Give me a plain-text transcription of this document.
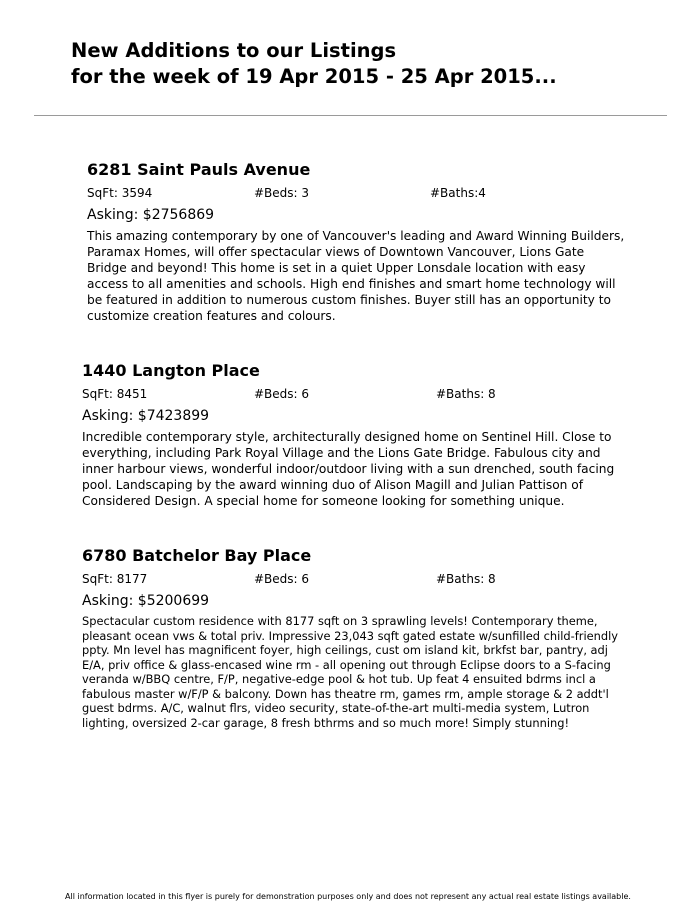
New Additions to our Listings
for the week of 19 Apr 2015 - 25 Apr 2015...
6281 Saint Pauls Avenue
SqFt: 3594	#Beds: 3	#Baths:4
Asking: $2756869
This amazing contemporary by one of Vancouver's leading and Award Winning Builders, Paramax Homes, will offer spectacular views of Downtown Vancouver, Lions Gate Bridge and beyond! This home is set in a quiet Upper Lonsdale location with easy access to all amenities and schools. High end finishes and smart home technology will be featured in addition to numerous custom finishes. Buyer still has an opportunity to customize creation features and colours.
1440 Langton Place
SqFt: 8451	#Beds: 6	#Baths: 8
Asking: $7423899
Incredible contemporary style, architecturally designed home on Sentinel Hill. Close to everything, including Park Royal Village and the Lions Gate Bridge. Fabulous city and inner harbour views, wonderful indoor/outdoor living with a sun drenched, south facing pool. Landscaping by the award winning duo of Alison Magill and Julian Pattison of Considered Design. A special home for someone looking for something unique.
6780 Batchelor Bay Place
SqFt: 8177	#Beds: 6	#Baths: 8
Asking: $5200699
Spectacular custom residence with 8177 sqft on 3 sprawling levels! Contemporary theme, pleasant ocean vws & total priv. Impressive 23,043 sqft gated estate w/sunfilled child-friendly ppty. Mn level has magnificent foyer, high ceilings, cust om island kit, brkfst bar, pantry, adj E/A, priv office & glass-encased wine rm - all opening out through Eclipse doors to a S-facing veranda w/BBQ centre, F/P, negative-edge pool & hot tub. Up feat 4 ensuited bdrms incl a fabulous master w/F/P & balcony. Down has theatre rm, games rm, ample storage & 2 addt'l guest bdrms. A/C, walnut flrs, video security, state-of-the-art multi-media system, Lutron lighting, oversized 2-car garage, 8 fresh bthrms and so much more! Simply stunning!
All information located in this flyer is purely for demonstration purposes only and does not represent any actual real estate listings available.
